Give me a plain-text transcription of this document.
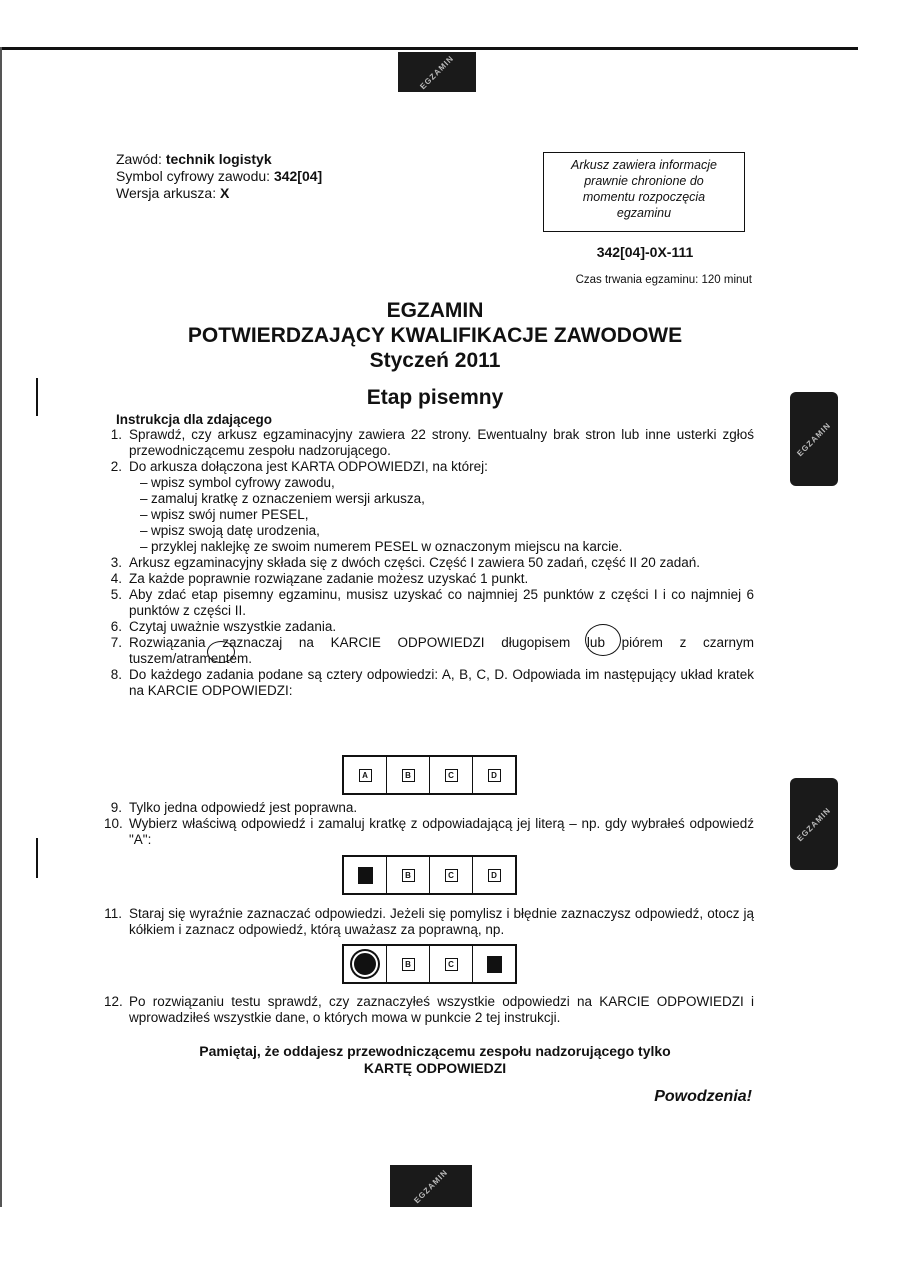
EGZAMIN
EGZAMIN
EGZAMIN
EGZAMIN
Zawód: technik logistyk
Symbol cyfrowy zawodu: 342[04]
Wersja arkusza: X
Arkusz zawiera informacje
prawnie chronione do
momentu rozpoczęcia
egzaminu
342[04]-0X-111
Czas trwania egzaminu: 120 minut
EGZAMIN
POTWIERDZAJĄCY KWALIFIKACJE ZAWODOWE
Styczeń 2011
Etap pisemny
Instrukcja dla zdającego
1. Sprawdź, czy arkusz egzaminacyjny zawiera 22 strony. Ewentualny brak stron lub inne usterki zgłoś przewodniczącemu zespołu nadzorującego.
2. Do arkusza dołączona jest KARTA ODPOWIEDZI, na której:
– wpisz symbol cyfrowy zawodu,
– zamaluj kratkę z oznaczeniem wersji arkusza,
– wpisz swój numer PESEL,
– wpisz swoją datę urodzenia,
– przyklej naklejkę ze swoim numerem PESEL w oznaczonym miejscu na karcie.
3. Arkusz egzaminacyjny składa się z dwóch części. Część I zawiera 50 zadań, część II 20 zadań.
4. Za każde poprawnie rozwiązane zadanie możesz uzyskać 1 punkt.
5. Aby zdać etap pisemny egzaminu, musisz uzyskać co najmniej 25 punktów z części I i co najmniej 6 punktów z części II.
6. Czytaj uważnie wszystkie zadania.
7. Rozwiązania zaznaczaj na KARCIE ODPOWIEDZI długopisem lub piórem z czarnym tuszem/atramentem.
8. Do każdego zadania podane są cztery odpowiedzi: A, B, C, D. Odpowiada im następujący układ kratek na KARCIE ODPOWIEDZI:
A	B	C	D
9. Tylko jedna odpowiedź jest poprawna.
10. Wybierz właściwą odpowiedź i zamaluj kratkę z odpowiadającą jej literą – np. gdy wybrałeś odpowiedź "A":
B	C	D
11. Staraj się wyraźnie zaznaczać odpowiedzi. Jeżeli się pomylisz i błędnie zaznaczysz odpowiedź, otocz ją kółkiem i zaznacz odpowiedź, którą uważasz za poprawną, np.
B	C
12. Po rozwiązaniu testu sprawdź, czy zaznaczyłeś wszystkie odpowiedzi na KARCIE ODPOWIEDZI i wprowadziłeś wszystkie dane, o których mowa w punkcie 2 tej instrukcji.
Pamiętaj, że oddajesz przewodniczącemu zespołu nadzorującego tylko
KARTĘ ODPOWIEDZI
Powodzenia!
